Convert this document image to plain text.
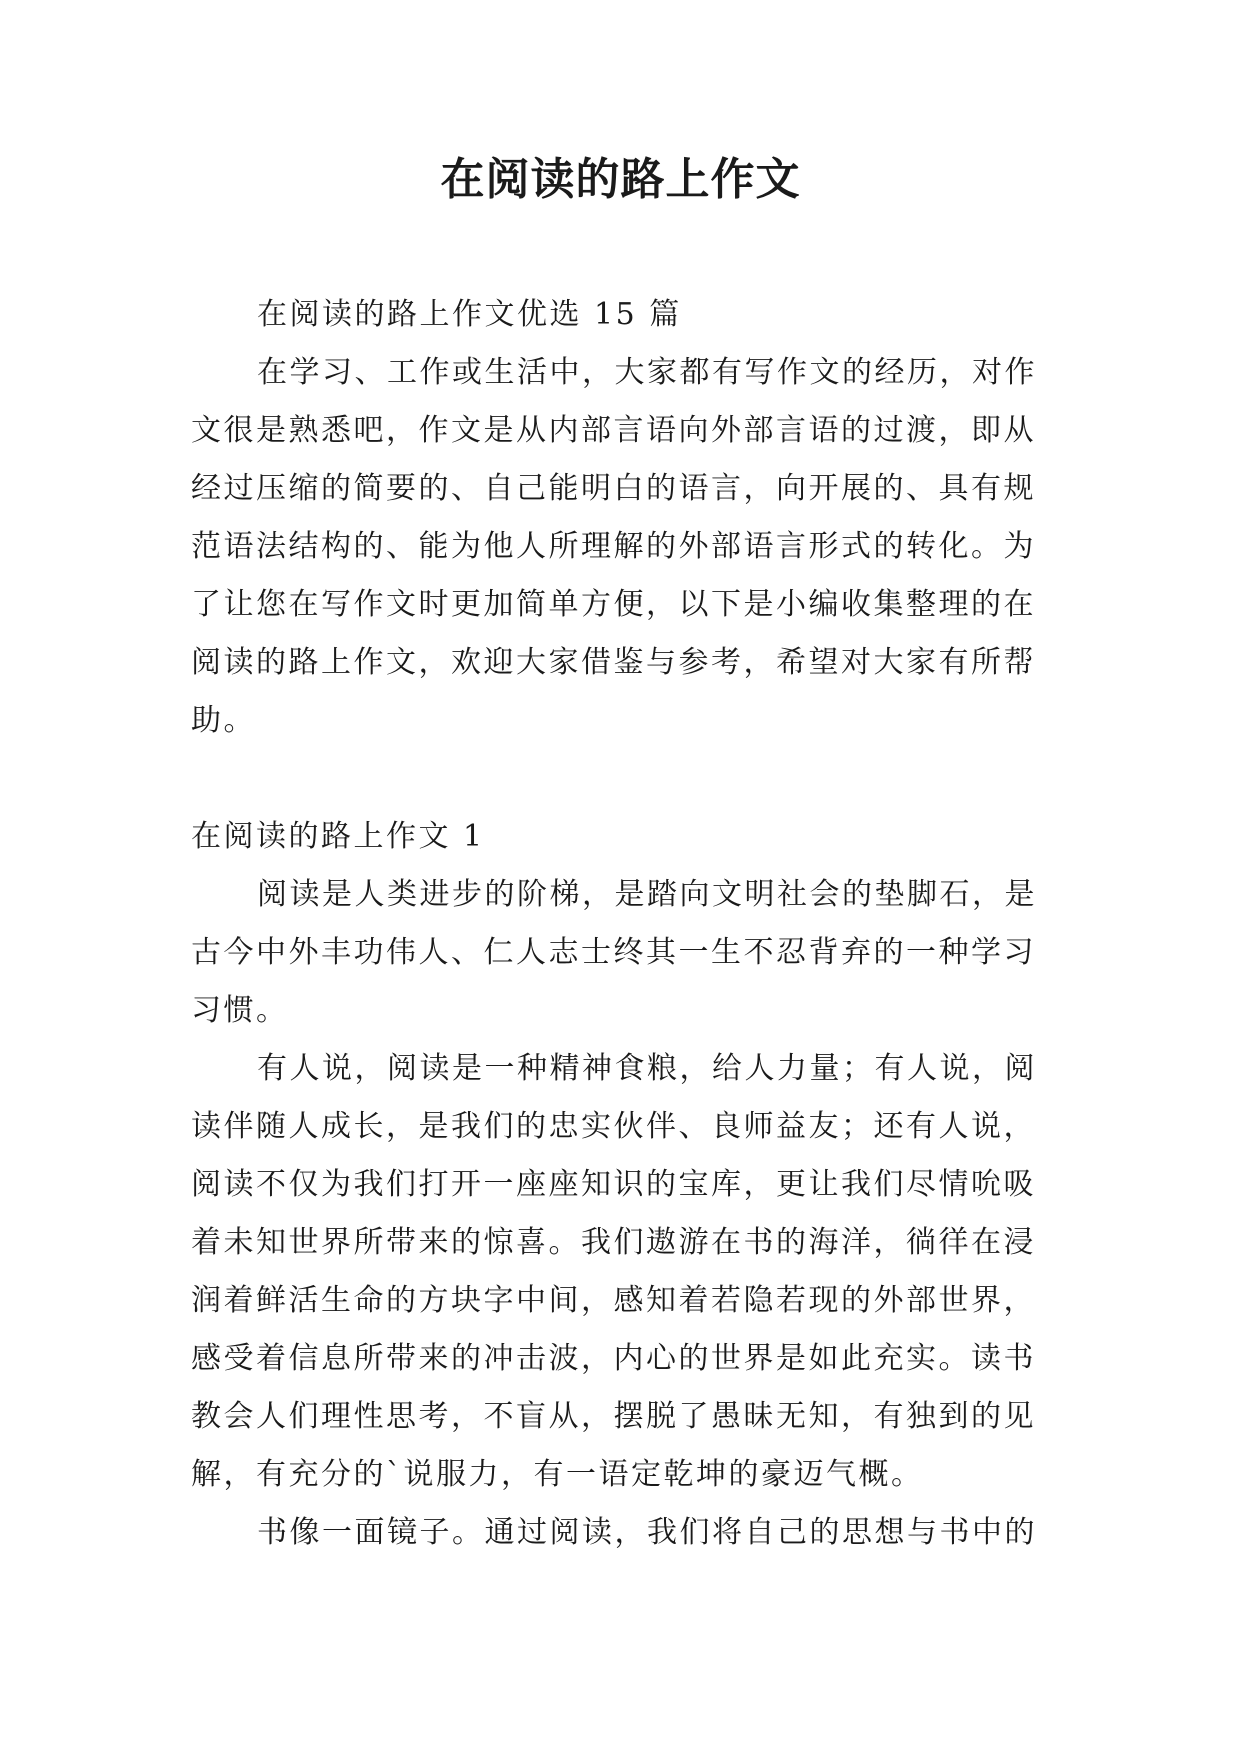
在阅读的路上作文

在阅读的路上作文优选 15 篇

在学习、工作或生活中，大家都有写作文的经历，对作

文很是熟悉吧，作文是从内部言语向外部言语的过渡，即从

经过压缩的简要的、自己能明白的语言，向开展的、具有规

范语法结构的、能为他人所理解的外部语言形式的转化。为

了让您在写作文时更加简单方便，以下是小编收集整理的在

阅读的路上作文，欢迎大家借鉴与参考，希望对大家有所帮

助。

在阅读的路上作文 1

阅读是人类进步的阶梯，是踏向文明社会的垫脚石，是

古今中外丰功伟人、仁人志士终其一生不忍背弃的一种学习

习惯。

有人说，阅读是一种精神食粮，给人力量；有人说，阅

读伴随人成长，是我们的忠实伙伴、良师益友；还有人说，

阅读不仅为我们打开一座座知识的宝库，更让我们尽情吮吸

着未知世界所带来的惊喜。我们遨游在书的海洋，徜徉在浸

润着鲜活生命的方块字中间，感知着若隐若现的外部世界，

感受着信息所带来的冲击波，内心的世界是如此充实。读书

教会人们理性思考，不盲从，摆脱了愚昧无知，有独到的见

解，有充分的`说服力，有一语定乾坤的豪迈气概。

书像一面镜子。通过阅读，我们将自己的思想与书中的
